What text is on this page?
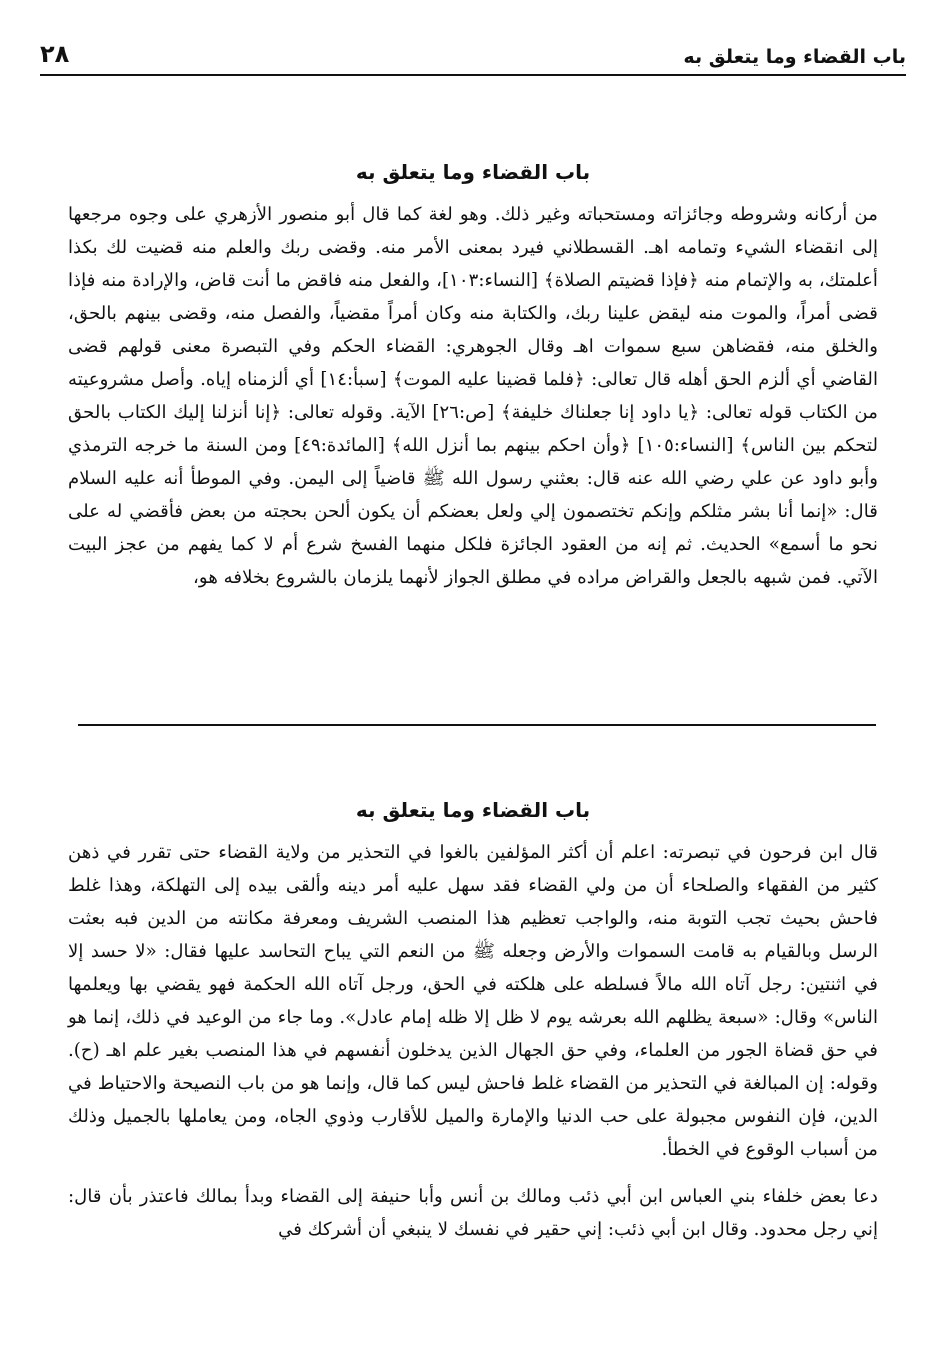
باب القضاء وما يتعلق به
٢٨
باب القضاء وما يتعلق به

من أركانه وشروطه وجائزاته ومستحباته وغير ذلك. وهو لغة كما قال أبو منصور الأزهري على وجوه مرجعها إلى انقضاء الشيء وتمامه اهـ. القسطلاني فيرد بمعنى الأمر منه. وقضى ربك والعلم منه قضيت لك بكذا أعلمتك، به والإتمام منه ﴿فإذا قضيتم الصلاة﴾ [النساء:١٠٣]، والفعل منه فاقض ما أنت قاض، والإرادة منه فإذا قضى أمراً، والموت منه ليقض علينا ربك، والكتابة منه وكان أمراً مقضياً، والفصل منه، وقضى بينهم بالحق، والخلق منه، فقضاهن سبع سموات اهـ وقال الجوهري: القضاء الحكم وفي التبصرة معنى قولهم قضى القاضي أي ألزم الحق أهله قال تعالى: ﴿فلما قضينا عليه الموت﴾ [سبأ:١٤] أي ألزمناه إياه. وأصل مشروعيته من الكتاب قوله تعالى: ﴿يا داود إنا جعلناك خليفة﴾ [ص:٢٦] الآية. وقوله تعالى: ﴿إنا أنزلنا إليك الكتاب بالحق لتحكم بين الناس﴾ [النساء:١٠٥] ﴿وأن احكم بينهم بما أنزل الله﴾ [المائدة:٤٩] ومن السنة ما خرجه الترمذي وأبو داود عن علي رضي الله عنه قال: بعثني رسول الله ﷺ قاضياً إلى اليمن. وفي الموطأ أنه عليه السلام قال: «إنما أنا بشر مثلكم وإنكم تختصمون إلي ولعل بعضكم أن يكون ألحن بحجته من بعض فأقضي له على نحو ما أسمع» الحديث. ثم إنه من العقود الجائزة فلكل منهما الفسخ شرع أم لا كما يفهم من عجز البيت الآتي. فمن شبهه بالجعل والقراض مراده في مطلق الجواز لأنهما يلزمان بالشروع بخلافه هو،

باب القضاء وما يتعلق به

قال ابن فرحون في تبصرته: اعلم أن أكثر المؤلفين بالغوا في التحذير من ولاية القضاء حتى تقرر في ذهن كثير من الفقهاء والصلحاء أن من ولي القضاء فقد سهل عليه أمر دينه وألقى بيده إلى التهلكة، وهذا غلط فاحش بحيث تجب التوبة منه، والواجب تعظيم هذا المنصب الشريف ومعرفة مكانته من الدين فبه بعثت الرسل وبالقيام به قامت السموات والأرض وجعله ﷺ من النعم التي يباح التحاسد عليها فقال: «لا حسد إلا في اثنتين: رجل آتاه الله مالاً فسلطه على هلكته في الحق، ورجل آتاه الله الحكمة فهو يقضي بها ويعلمها الناس» وقال: «سبعة يظلهم الله بعرشه يوم لا ظل إلا ظله إمام عادل». وما جاء من الوعيد في ذلك، إنما هو في حق قضاة الجور من العلماء، وفي حق الجهال الذين يدخلون أنفسهم في هذا المنصب بغير علم اهـ (ح). وقوله: إن المبالغة في التحذير من القضاء غلط فاحش ليس كما قال، وإنما هو من باب النصيحة والاحتياط في الدين، فإن النفوس مجبولة على حب الدنيا والإمارة والميل للأقارب وذوي الجاه، ومن يعاملها بالجميل وذلك من أسباب الوقوع في الخطأ.

دعا بعض خلفاء بني العباس ابن أبي ذئب ومالك بن أنس وأبا حنيفة إلى القضاء وبدأ بمالك فاعتذر بأن قال: إني رجل محدود. وقال ابن أبي ذئب: إني حقير في نفسك لا ينبغي أن أشركك في
